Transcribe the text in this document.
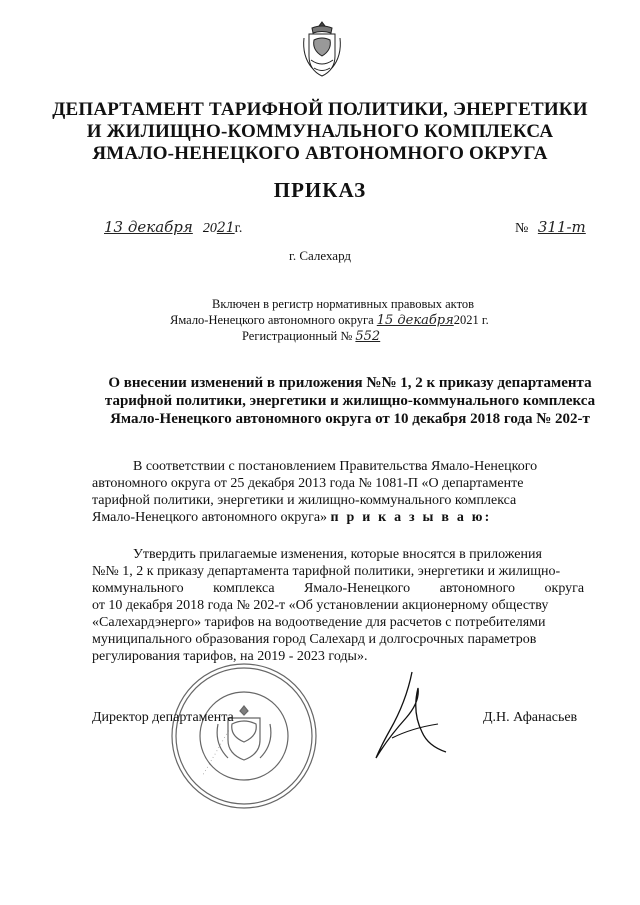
ДЕПАРТАМЕНТ ТАРИФНОЙ ПОЛИТИКИ, ЭНЕРГЕТИКИ
И ЖИЛИЩНО-КОММУНАЛЬНОГО КОМПЛЕКСА
ЯМАЛО-НЕНЕЦКОГО АВТОНОМНОГО ОКРУГА
ПРИКАЗ
13 декабря 2021г.	№ 311-т
г. Салехард
Включен в регистр нормативных правовых актов
Ямало-Ненецкого автономного округа 15 декабря2021 г.
Регистрационный № 552
О внесении изменений в приложения №№ 1, 2 к приказу департамента
тарифной политики, энергетики и жилищно-коммунального комплекса
Ямало-Ненецкого автономного округа от 10 декабря 2018 года № 202-т
В соответствии с постановлением Правительства Ямало-Ненецкого
автономного округа от 25 декабря 2013 года № 1081-П «О департаменте
тарифной политики, энергетики и жилищно-коммунального комплекса
Ямало-Ненецкого автономного округа» п р и к а з ы в а ю:
Утвердить прилагаемые изменения, которые вносятся в приложения
№№ 1, 2 к приказу департамента тарифной политики, энергетики и жилищно-
коммунального комплекса Ямало-Ненецкого автономного округа
от 10 декабря 2018 года № 202-т «Об установлении акционерному обществу
«Салехардэнерго» тарифов на водоотведение для расчетов с потребителями
муниципального образования город Салехард и долгосрочных параметров
регулирования тарифов, на 2019 - 2023 годы».
· · · · · · · · · · · · · ·
Директор департамента	Д.Н. Афанасьев
